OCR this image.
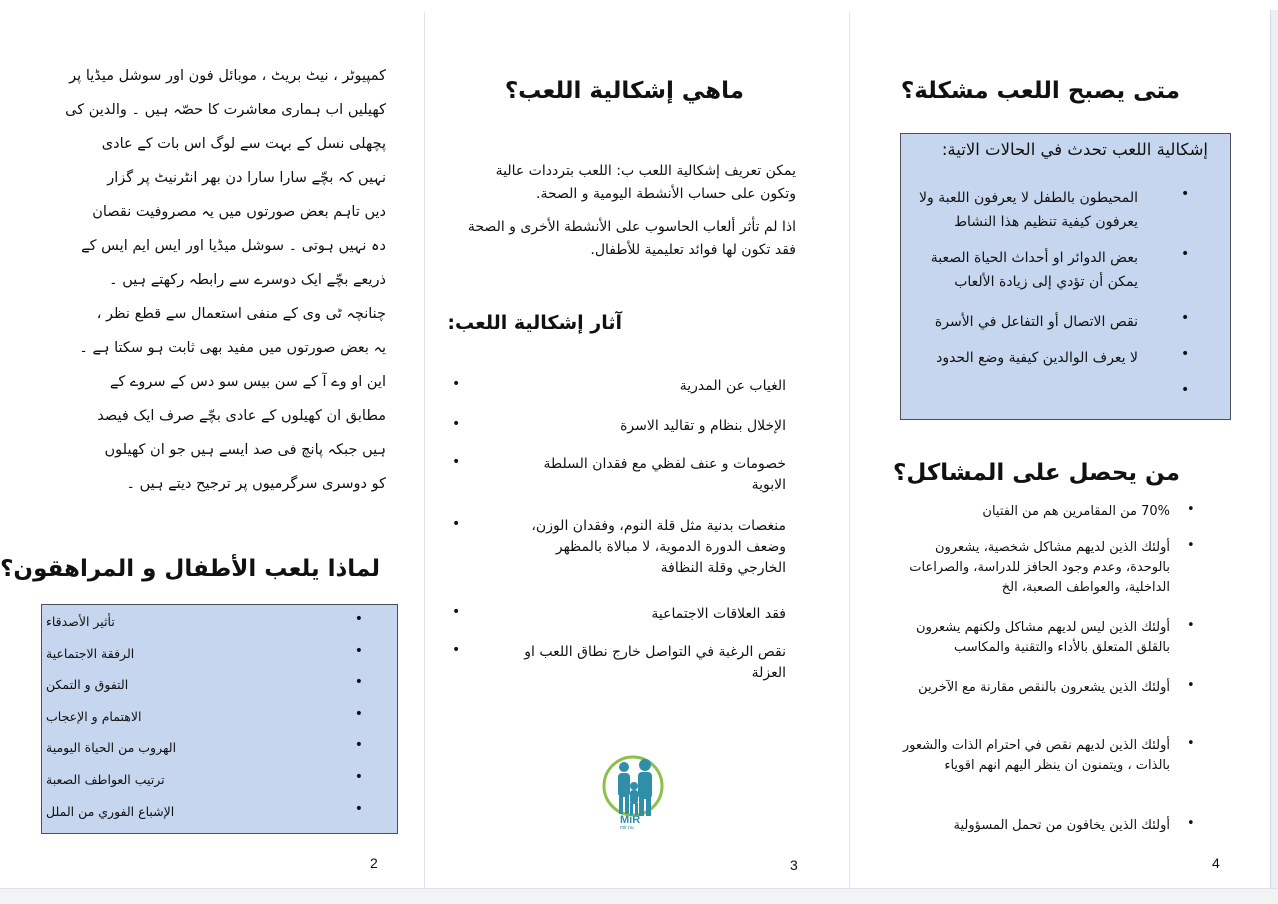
کمپیوٹر ، نیٹ بریٹ ، موبائل فون اور سوشل میڈیا پر
کھیلیں اب ہماری معاشرت کا حصّہ ہیں ۔ والدین کی
پچھلی نسل کے بہت سے لوگ اس بات کے عادی
نہیں کہ بچّے سارا سارا دن بھر انٹرنیٹ پر گزار
دیں تاہم بعض صورتوں میں یہ مصروفیت نقصان
دہ نہیں ہوتی ۔ سوشل میڈیا اور ایس ایم ایس کے
ذریعے بچّے ایک دوسرے سے رابطہ رکھتے ہیں ۔
چنانچہ ٹی وی کے منفی استعمال سے قطع نظر ،
یہ بعض صورتوں میں مفید بھی ثابت ہو سکتا ہے ۔
این او وے آ کے سن بیس سو دس کے سروے کے
مطابق ان کھیلوں کے عادی بچّے صرف ایک فیصد
ہیں جبکہ پانچ فی صد ایسے ہیں جو ان کھیلوں
کو دوسری سرگرمیوں پر ترجیح دیتے ہیں ۔
لماذا يلعب الأطفال و المراهقون؟
•
تأثير الأصدقاء
•
الرفقة الاجتماعية
•
التفوق و التمكن
•
الاهتمام و الإعجاب
•
الهروب من الحياة اليومية
•
ترتيب العواطف الصعبة
•
الإشباع الفوري من الملل
2
ماهي إشكالية اللعب؟

يمكن تعريف إشكالية اللعب ب: اللعب بترددات عالية وتكون على حساب الأنشطة اليومية و الصحة.

اذا لم تأثر ألعاب الحاسوب على الأنشطة الأخرى و الصحة فقد تكون لها فوائد تعليمية للأطفال.

آثار إشكالية اللعب:
•	الغياب عن المدرية
•	الإخلال بنظام و تقاليد الاسرة
•	خصومات و عنف لفظي مع فقدان السلطة الابوية
•	منغصات بدنية مثل قلة النوم، وفقدان الوزن، وضعف الدورة الدموية، لا مبالاة بالمظهر الخارجي وقلة النظافة
•	فقد العلاقات الاجتماعية
•	نقص الرغبة في التواصل خارج نطاق اللعب او العزلة
MiR
mir.nu
3
متى يصبح اللعب مشكلة؟
إشكالية اللعب تحدث في الحالات الاتية:
•
المحيطون بالطفل لا يعرفون اللعبة ولا يعرفون كيفية تنظيم هذا النشاط
•
بعض الدوائر او أحداث الحياة الصعبة يمكن أن تؤدي إلى زيادة الألعاب
•
نقص الاتصال أو التفاعل في الأسرة
•
لا يعرف الوالدين كيفية وضع الحدود
•
من يحصل على المشاكل؟
•
70% من المقامرين هم من الفتيان
•
أولئك الذين لديهم مشاكل شخصية، يشعرون بالوحدة، وعدم وجود الحافز للدراسة، والصراعات الداخلية، والعواطف الصعبة، الخ
•
أولئك الذين ليس لديهم مشاكل ولكنهم يشعرون بالقلق المتعلق بالأداء والتقنية والمكاسب
•
أولئك الذين يشعرون بالنقص مقارنة مع الآخرين
•
أولئك الذين لديهم نقص في احترام الذات والشعور بالذات ، ويتمنون ان ينظر اليهم انهم اقوياء
•
أولئك الذين يخافون من تحمل المسؤولية
4
